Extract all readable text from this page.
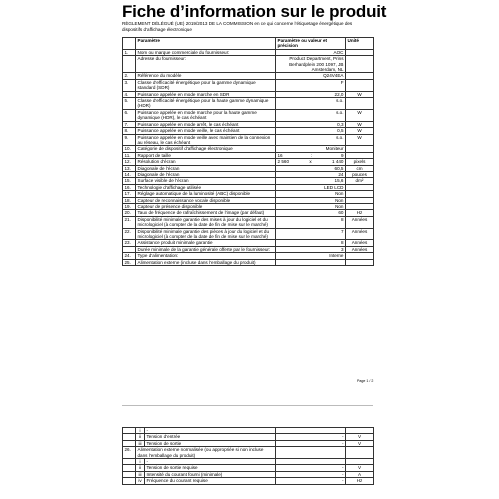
Fiche d’information sur le produit
RÈGLEMENT DÉLÉGUÉ (UE) 2019/2013 DE LA COMMISSION en ce qui concerne l’étiquetage énergétique des dispositifs d’affichage électronique
	Paramètre	Paramètre ou valeur et précision	Unité
1.	Nom ou marque commerciale du fournisseur:	AOC	
	Adresse du fournisseur:	Product Department, Prins Berhardplein 200 1097, JB Amsterdam, NL	
2.	Référence du modèle	Q24V4EA	
3.	Classe d’efficacité énergétique pour la gamme dynamique standard (SDR)	F	
4.	Puissance appelée en mode marche en SDR	22,0	W
5.	Classe d’efficacité énergétique pour la haute gamme dynamique (HDR)	s.o.	
6.	Puissance appelée en mode marche pour la haute gamme dynamique (HDR), le cas échéant	s.o.	W
7.	Puissance appelée en mode arrêt, le cas échéant	0,3	W
8.	Puissance appelée en mode veille, le cas échéant	0,5	W
9.	Puissance appelée en mode veille avec maintien de la connexion au réseau, le cas échéant	s.o.	W
10.	Catégorie de dispositif d’affichage électronique	Moniteur	
11.	Rapport de taille	16 : 9	

12.	Résolution d’écran	2 560 x 1 440	pixels
13.	Diagonale de l’écran	60,5	cm
14.	Diagonale de l’écran	24	pouces
15.	Surface visible de l’écran	15,6	dm²
16.	Technologie d’affichage utilisée	LED LCD	
17.	Réglage automatique de la luminosité (ABC) disponible	Non	
18.	Capteur de reconnaissance vocale disponible	Non	
19.	Capteur de présence disponible	Non	
20.	Taux de fréquence de rafraîchissement de l’image (par défaut)	60	Hz
21.	Disponibilité minimale garantie des mises à jour du logiciel et du micrologiciel (à compter de la date de fin de mise sur le marché)	8	Années
22.	Disponibilité minimale garantie des pièces à jour du logiciel et du micrologiciel (à compter de la date de fin de mise sur le marché)	7	Années
23.	Assistance produit minimale garantie	8	Années
	Durée minimale de la garantie générale offerte par le fournisseur:	3	Années
24.	Type d’alimentation:	Interne	
25.	Alimentation externe (incluse dans l’emballage du produit)		
Page 1 / 2
	i	-		
	ii	Tension d’entrée	-	V
	iii	Tension de sortie	-	V
26.	Alimentation externe normalisée (ou appropriée si non incluse dans l’emballage du produit)			
	i	-		
	ii	Tension de sortie requise	-	V
	iii	Intensité du courant fourni (minimale)	-	A
	iv	Fréquence du courant requise	-	Hz
